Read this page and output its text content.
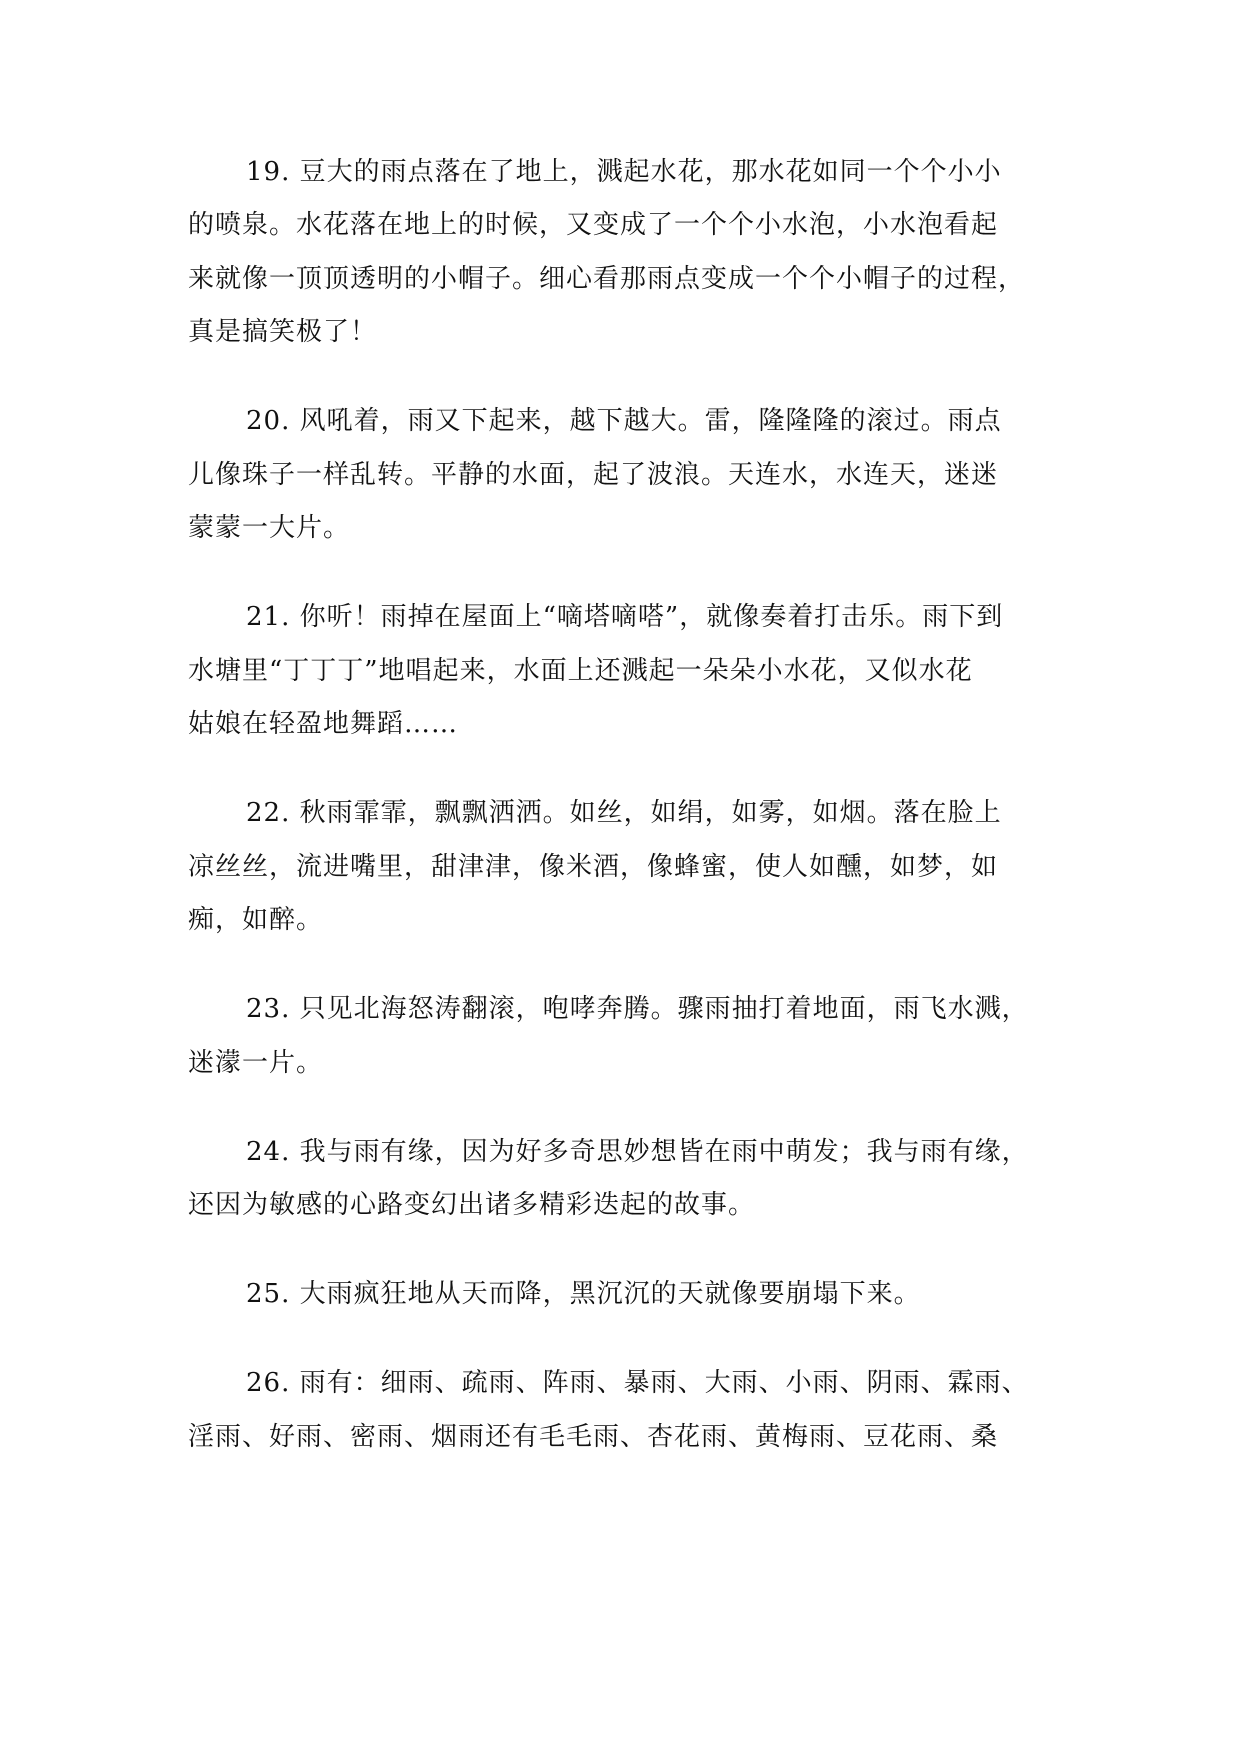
19. 豆大的雨点落在了地上，溅起水花，那水花如同一个个小小
的喷泉。水花落在地上的时候，又变成了一个个小水泡，小水泡看起
来就像一顶顶透明的小帽子。细心看那雨点变成一个个小帽子的过程，
真是搞笑极了！
20. 风吼着，雨又下起来，越下越大。雷，隆隆隆的滚过。雨点
儿像珠子一样乱转。平静的水面，起了波浪。天连水，水连天，迷迷
蒙蒙一大片。
21. 你听！雨掉在屋面上“嘀塔嘀嗒”，就像奏着打击乐。雨下到
水塘里“丁丁丁”地唱起来，水面上还溅起一朵朵小水花，又似水花
姑娘在轻盈地舞蹈……
22. 秋雨霏霏，飘飘洒洒。如丝，如绢，如雾，如烟。落在脸上
凉丝丝，流进嘴里，甜津津，像米酒，像蜂蜜，使人如醺，如梦，如
痴，如醉。
23. 只见北海怒涛翻滚，咆哮奔腾。骤雨抽打着地面，雨飞水溅，
迷濛一片。
24. 我与雨有缘，因为好多奇思妙想皆在雨中萌发；我与雨有缘，
还因为敏感的心路变幻出诸多精彩迭起的故事。
25. 大雨疯狂地从天而降，黑沉沉的天就像要崩塌下来。
26. 雨有：细雨、疏雨、阵雨、暴雨、大雨、小雨、阴雨、霖雨、
淫雨、好雨、密雨、烟雨还有毛毛雨、杏花雨、黄梅雨、豆花雨、桑
